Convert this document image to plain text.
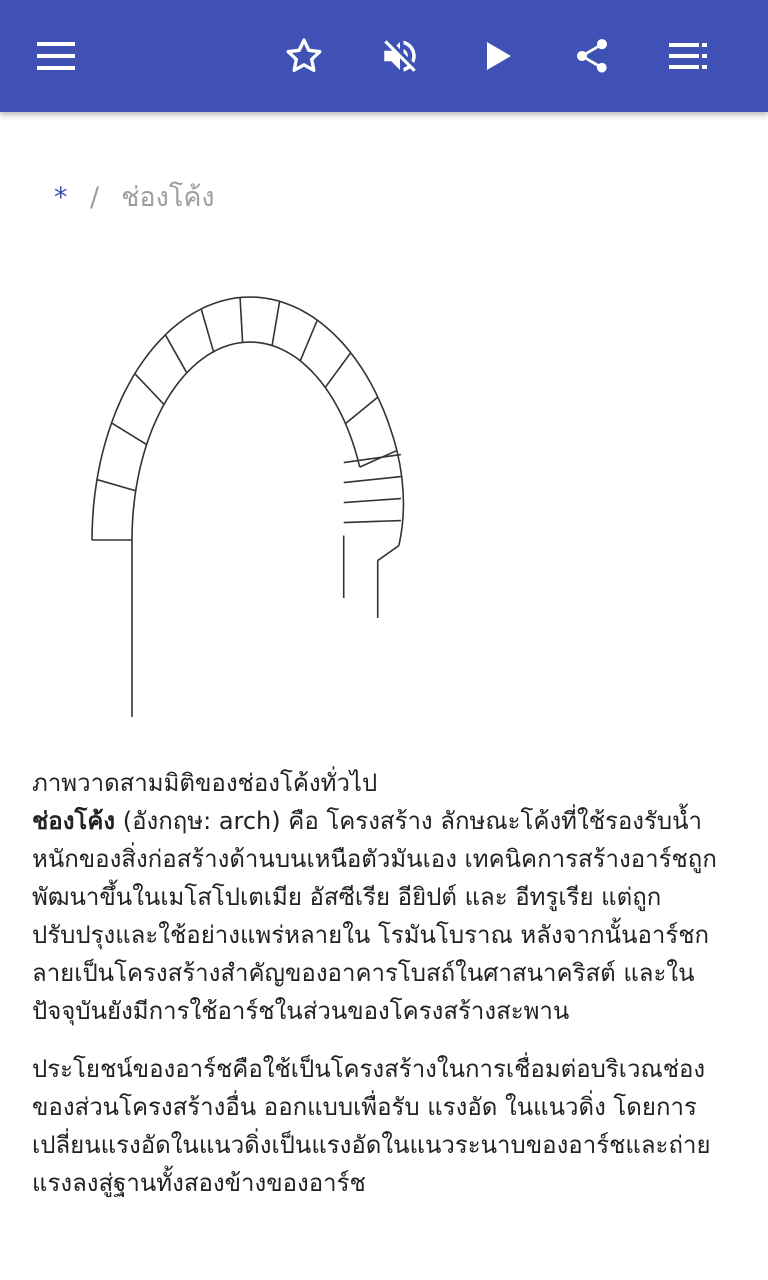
* / ช่องโค้ง

ภาพวาดสามมิติของช่องโค้งทั่วไป

ช่องโค้ง (อังกฤษ: arch) คือ โครงสร้าง ลักษณะโค้งที่ใช้รองรับน้ำหนักของสิ่งก่อสร้างด้านบนเหนือตัวมันเอง เทคนิคการสร้างอาร์ชถูกพัฒนาขึ้นในเมโสโปเตเมีย อัสซีเรีย อียิปต์ และ อีทรูเรีย แต่ถูกปรับปรุงและใช้อย่างแพร่หลายใน โรมันโบราณ หลังจากนั้นอาร์ชกลายเป็นโครงสร้างสำคัญของอาคารโบสถ์ในศาสนาคริสต์ และในปัจจุบันยังมีการใช้อาร์ชในส่วนของโครงสร้างสะพาน

ประโยชน์ของอาร์ชคือใช้เป็นโครงสร้างในการเชื่อมต่อบริเวณช่องของส่วนโครงสร้างอื่น ออกแบบเพื่อรับ แรงอัด ในแนวดิ่ง โดยการเปลี่ยนแรงอัดในแนวดิ่งเป็นแรงอัดในแนวระนาบของอาร์ชและถ่ายแรงลงสู่ฐานทั้งสองข้างของอาร์ช
